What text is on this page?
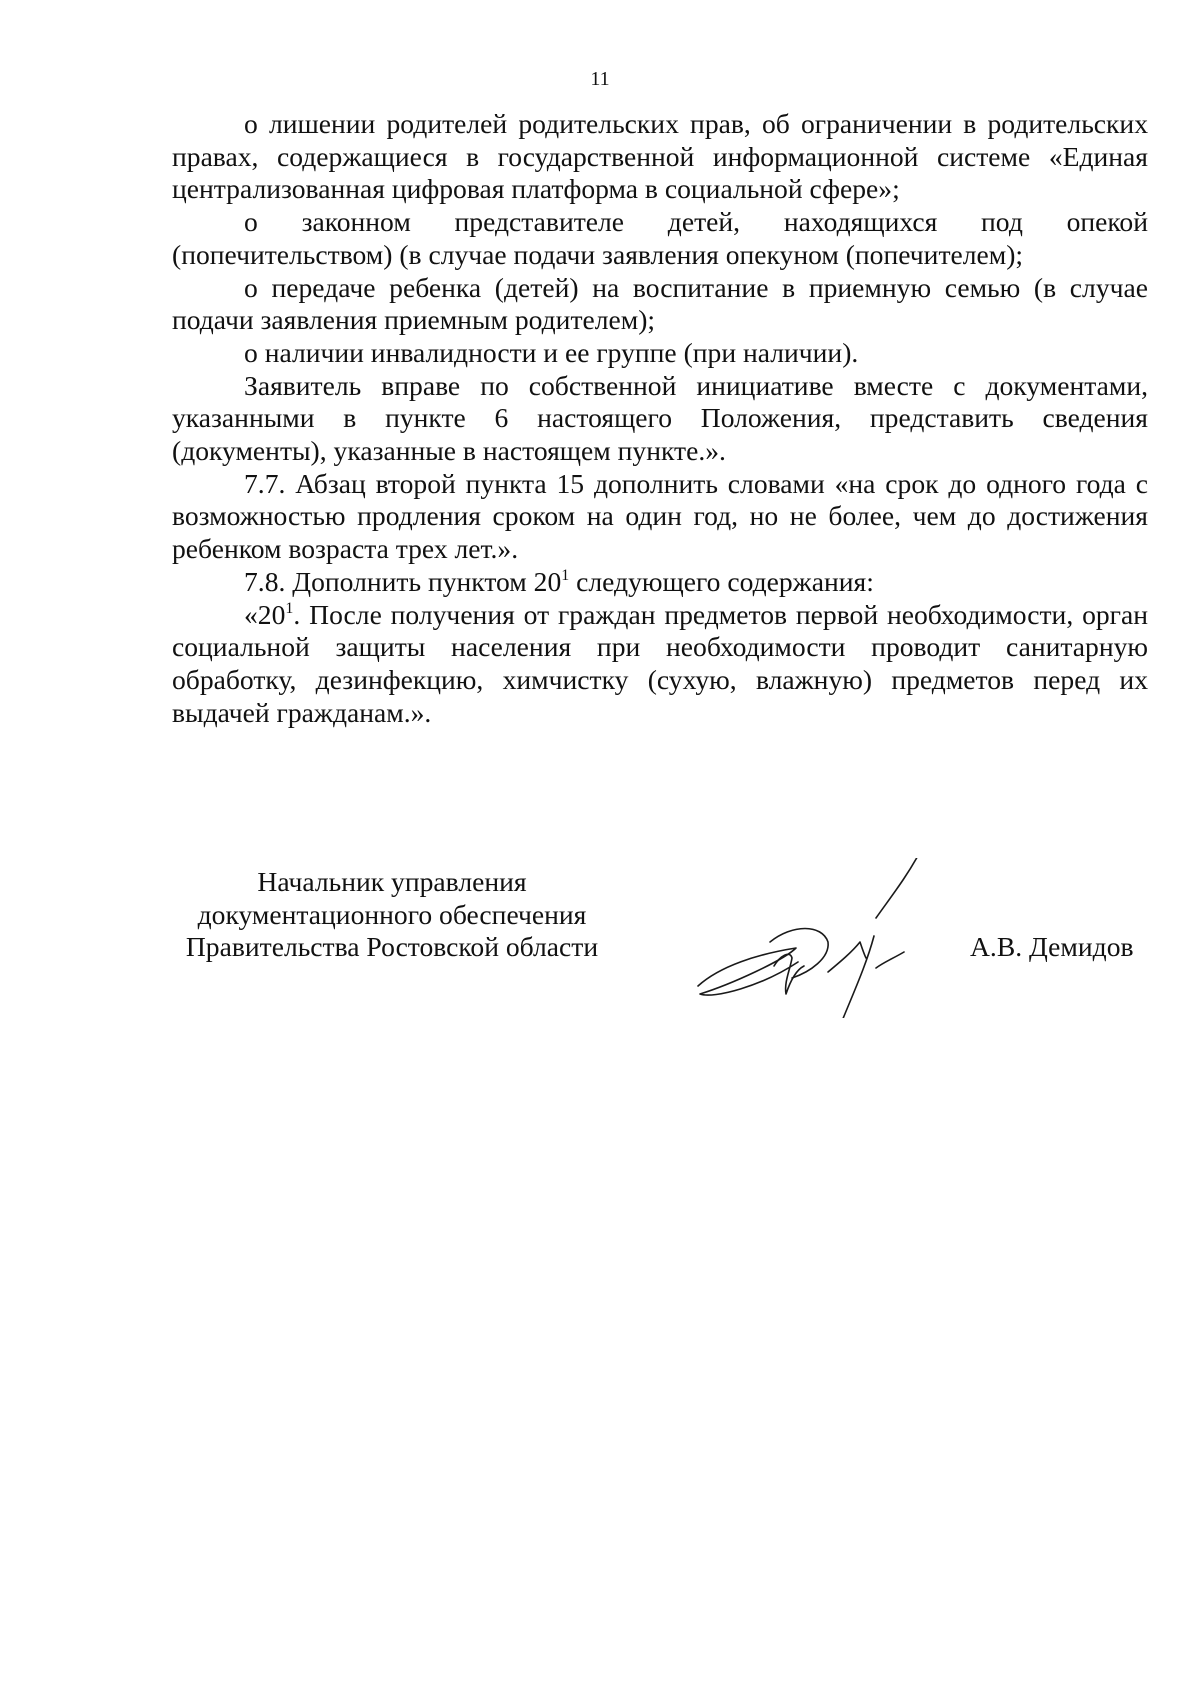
11

о лишении родителей родительских прав, об ограничении в родительских правах, содержащиеся в государственной информационной системе «Единая централизованная цифровая платформа в социальной сфере»;

о законном представителе детей, находящихся под опекой (попечительством) (в случае подачи заявления опекуном (попечителем);

о передаче ребенка (детей) на воспитание в приемную семью (в случае подачи заявления приемным родителем);

о наличии инвалидности и ее группе (при наличии).

Заявитель вправе по собственной инициативе вместе с документами, указанными в пункте 6 настоящего Положения, представить сведения (документы), указанные в настоящем пункте.».

7.7. Абзац второй пункта 15 дополнить словами «на срок до одного года с возможностью продления сроком на один год, но не более, чем до достижения ребенком возраста трех лет.».

7.8. Дополнить пунктом $20^1$ следующего содержания:

«$20^1$. После получения от граждан предметов первой необходимости, орган социальной защиты населения при необходимости проводит санитарную обработку, дезинфекцию, химчистку (сухую, влажную) предметов перед их выдачей гражданам.».

Начальник управления
документационного обеспечения
Правительства Ростовской области	А.В. Демидов
